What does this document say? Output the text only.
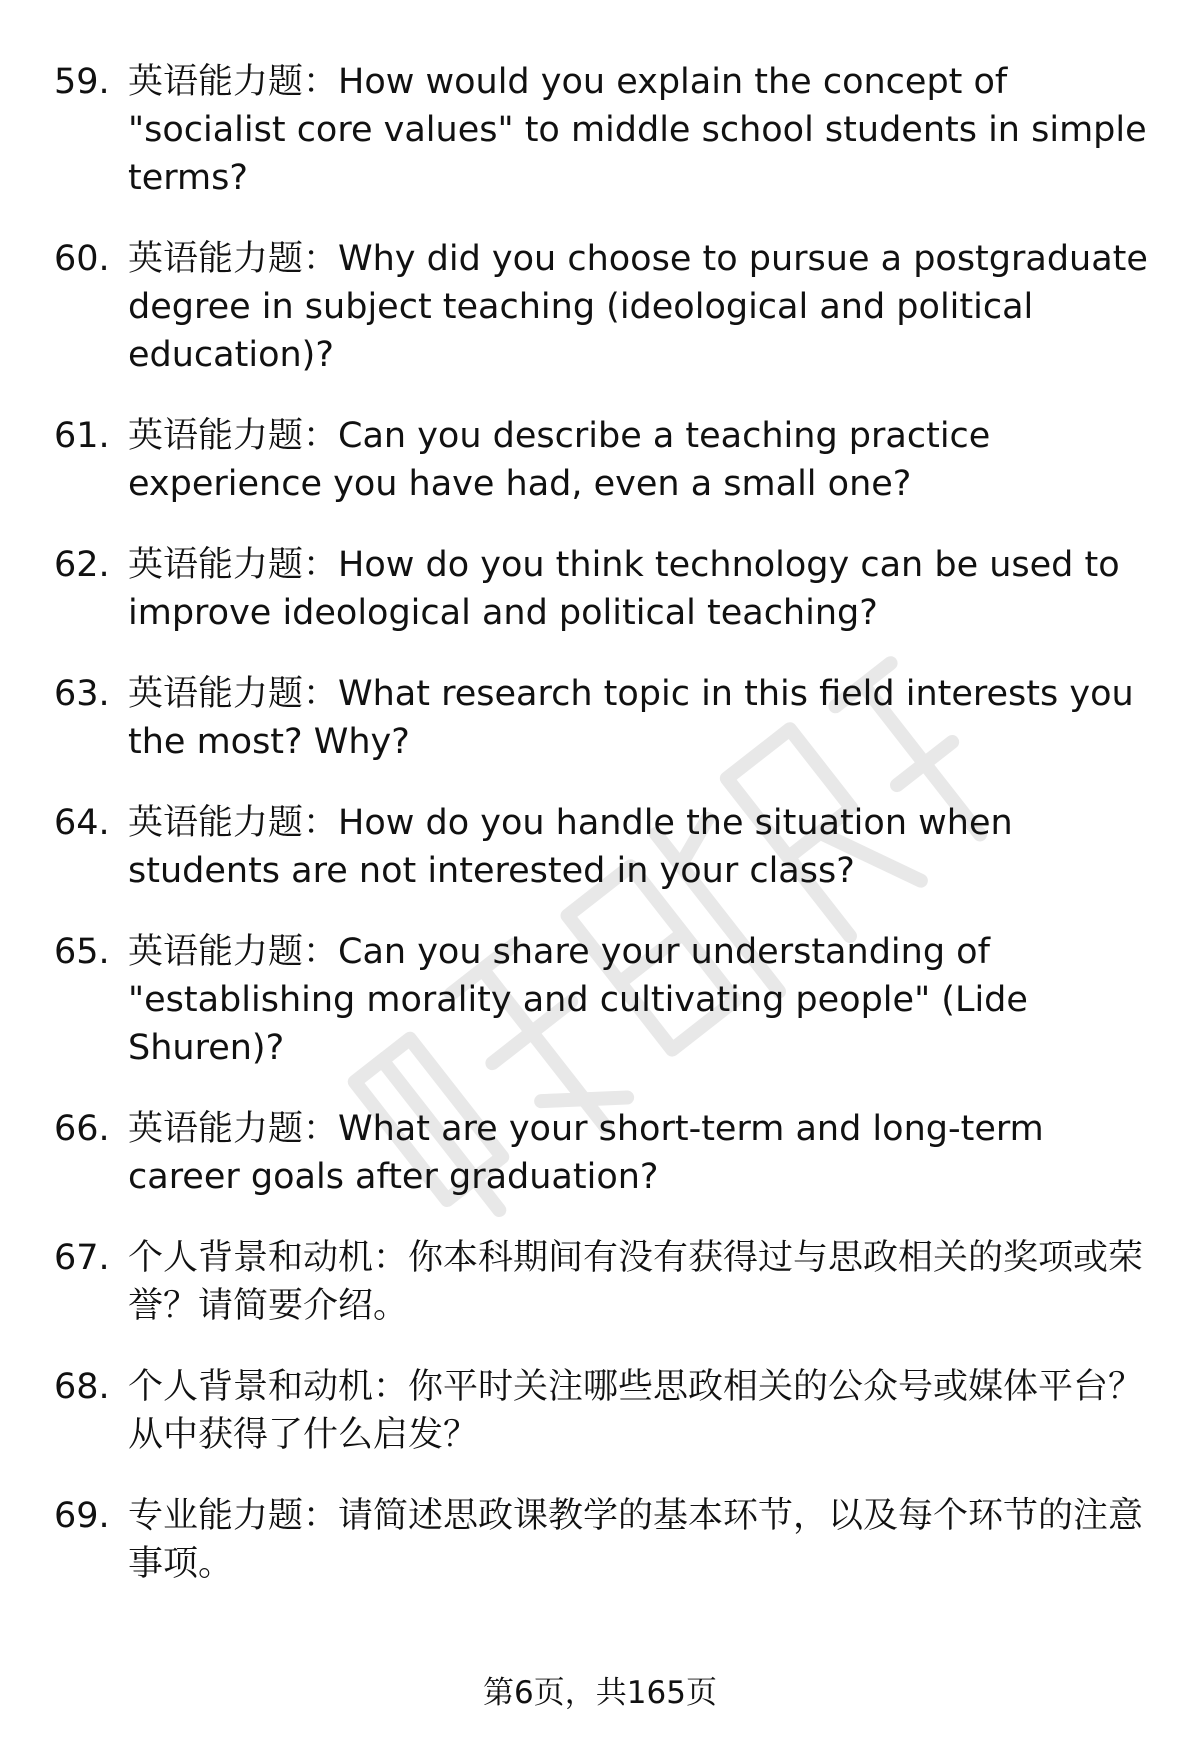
59. 英语能力题：How would you explain the concept of "socialist core values" to middle school students in simple terms?
60. 英语能力题：Why did you choose to pursue a postgraduate degree in subject teaching (ideological and political education)?
61. 英语能力题：Can you describe a teaching practice experience you have had, even a small one?
62. 英语能力题：How do you think technology can be used to improve ideological and political teaching?
63. 英语能力题：What research topic in this field interests you the most? Why?
64. 英语能力题：How do you handle the situation when students are not interested in your class?
65. 英语能力题：Can you share your understanding of "establishing morality and cultivating people" (Lide Shuren)?
66. 英语能力题：What are your short-term and long-term career goals after graduation?
67. 个人背景和动机：你本科期间有没有获得过与思政相关的奖项或荣誉？请简要介绍。
68. 个人背景和动机：你平时关注哪些思政相关的公众号或媒体平台？从中获得了什么启发？
69. 专业能力题：请简述思政课教学的基本环节，以及每个环节的注意事项。
第6页，共165页
